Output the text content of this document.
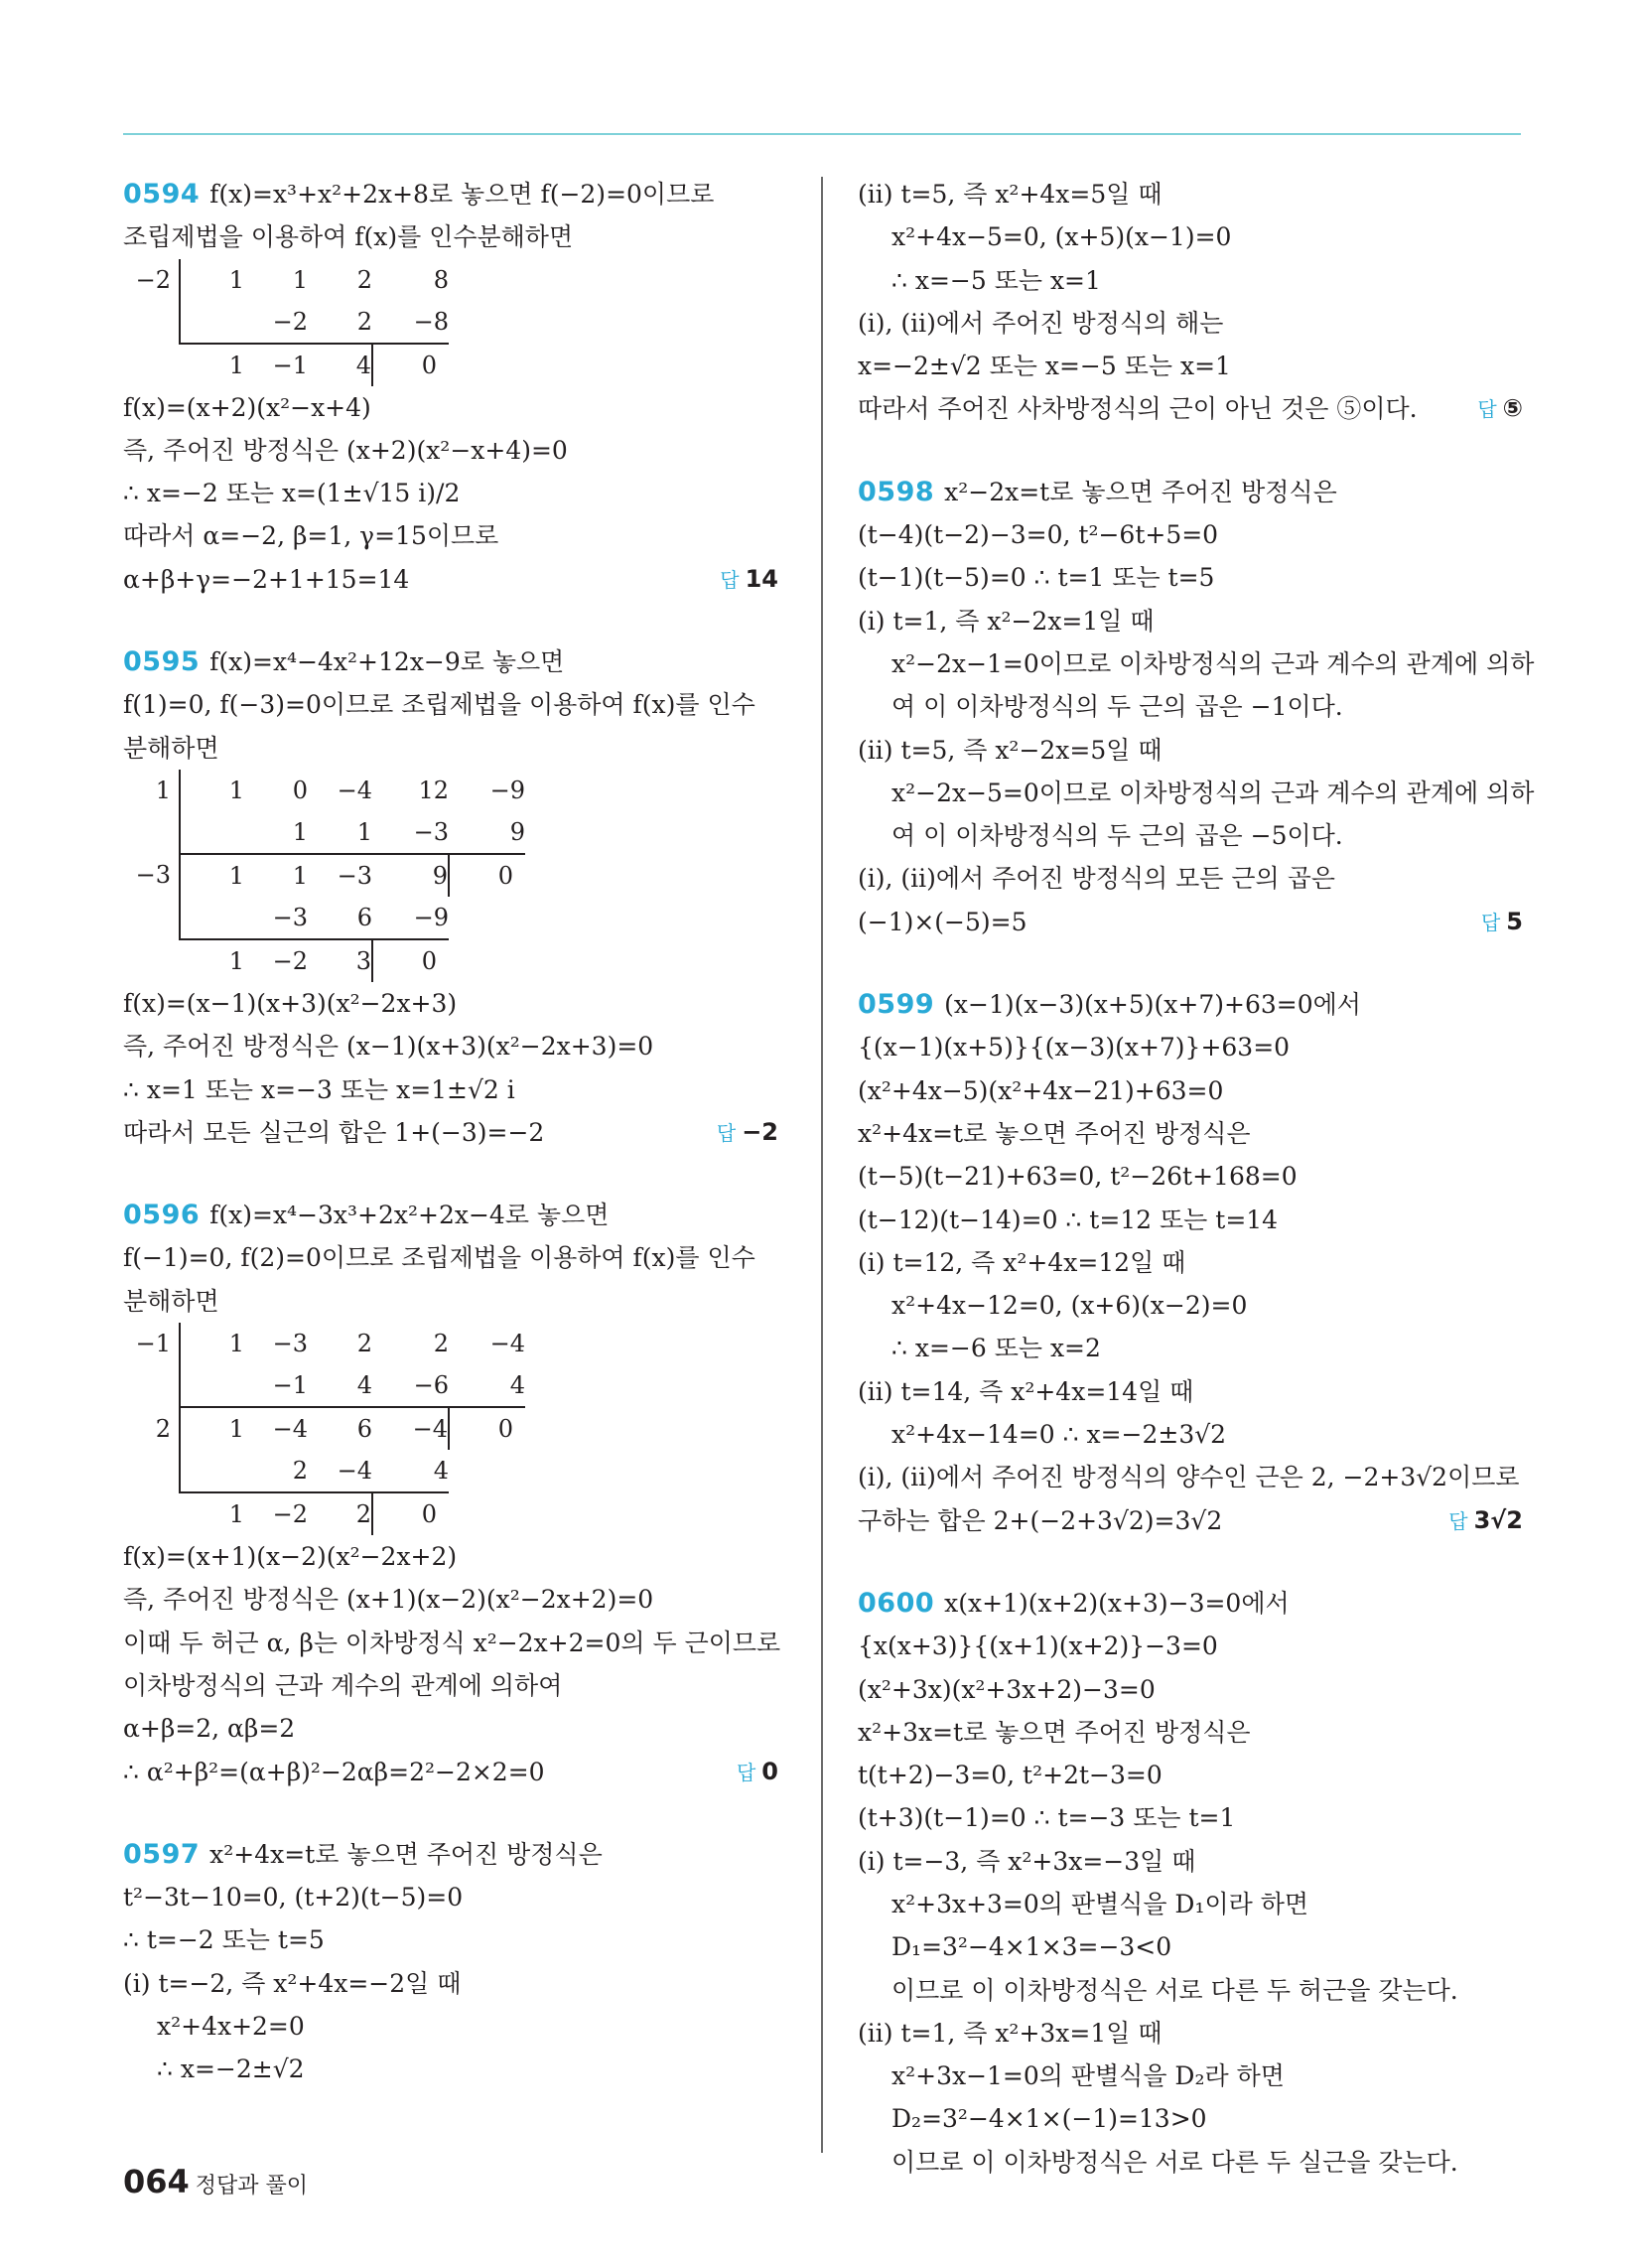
0594 f(x)=x³+x²+2x+8로 놓으면 f(−2)=0이므로
조립제법을 이용하여 f(x)를 인수분해하면
−2	1	1	2	8
		−2	2	−8
	1	−1	4	0
f(x)=(x+2)(x²−x+4)
즉, 주어진 방정식은 (x+2)(x²−x+4)=0
∴ x=−2 또는 x=(1±√15 i)/2
따라서 α=−2, β=1, γ=15이므로
α+β+γ=−2+1+15=14	답 14
0595 f(x)=x⁴−4x²+12x−9로 놓으면
f(1)=0, f(−3)=0이므로 조립제법을 이용하여 f(x)를 인수
분해하면
1	1	0	−4	12	−9
		1	1	−3	9
−3	1	1	−3	9	0
		−3	6	−9	
	1	−2	3	0	
f(x)=(x−1)(x+3)(x²−2x+3)
즉, 주어진 방정식은 (x−1)(x+3)(x²−2x+3)=0
∴ x=1 또는 x=−3 또는 x=1±√2 i
따라서 모든 실근의 합은 1+(−3)=−2	답 −2
0596 f(x)=x⁴−3x³+2x²+2x−4로 놓으면
f(−1)=0, f(2)=0이므로 조립제법을 이용하여 f(x)를 인수
분해하면
−1	1	−3	2	2	−4
		−1	4	−6	4
2	1	−4	6	−4	0
		2	−4	4	
	1	−2	2	0	
f(x)=(x+1)(x−2)(x²−2x+2)
즉, 주어진 방정식은 (x+1)(x−2)(x²−2x+2)=0
이때 두 허근 α, β는 이차방정식 x²−2x+2=0의 두 근이므로
이차방정식의 근과 계수의 관계에 의하여
α+β=2, αβ=2
∴ α²+β²=(α+β)²−2αβ=2²−2×2=0	답 0
0597 x²+4x=t로 놓으면 주어진 방정식은
t²−3t−10=0, (t+2)(t−5)=0
∴ t=−2 또는 t=5
(ⅰ) t=−2, 즉 x²+4x=−2일 때
x²+4x+2=0
∴ x=−2±√2
(ⅱ) t=5, 즉 x²+4x=5일 때
x²+4x−5=0, (x+5)(x−1)=0
∴ x=−5 또는 x=1
(ⅰ), (ⅱ)에서 주어진 방정식의 해는
x=−2±√2 또는 x=−5 또는 x=1
따라서 주어진 사차방정식의 근이 아닌 것은 ⑤이다.	답 ⑤
0598 x²−2x=t로 놓으면 주어진 방정식은
(t−4)(t−2)−3=0, t²−6t+5=0
(t−1)(t−5)=0 ∴ t=1 또는 t=5
(ⅰ) t=1, 즉 x²−2x=1일 때
x²−2x−1=0이므로 이차방정식의 근과 계수의 관계에 의하
여 이 이차방정식의 두 근의 곱은 −1이다.
(ⅱ) t=5, 즉 x²−2x=5일 때
x²−2x−5=0이므로 이차방정식의 근과 계수의 관계에 의하
여 이 이차방정식의 두 근의 곱은 −5이다.
(ⅰ), (ⅱ)에서 주어진 방정식의 모든 근의 곱은
(−1)×(−5)=5	답 5
0599 (x−1)(x−3)(x+5)(x+7)+63=0에서
{(x−1)(x+5)}{(x−3)(x+7)}+63=0
(x²+4x−5)(x²+4x−21)+63=0
x²+4x=t로 놓으면 주어진 방정식은
(t−5)(t−21)+63=0, t²−26t+168=0
(t−12)(t−14)=0 ∴ t=12 또는 t=14
(ⅰ) t=12, 즉 x²+4x=12일 때
x²+4x−12=0, (x+6)(x−2)=0
∴ x=−6 또는 x=2
(ⅱ) t=14, 즉 x²+4x=14일 때
x²+4x−14=0 ∴ x=−2±3√2
(ⅰ), (ⅱ)에서 주어진 방정식의 양수인 근은 2, −2+3√2이므로
구하는 합은 2+(−2+3√2)=3√2	답 3√2
0600 x(x+1)(x+2)(x+3)−3=0에서
{x(x+3)}{(x+1)(x+2)}−3=0
(x²+3x)(x²+3x+2)−3=0
x²+3x=t로 놓으면 주어진 방정식은
t(t+2)−3=0, t²+2t−3=0
(t+3)(t−1)=0 ∴ t=−3 또는 t=1
(ⅰ) t=−3, 즉 x²+3x=−3일 때
x²+3x+3=0의 판별식을 D₁이라 하면
D₁=3²−4×1×3=−3<0
이므로 이 이차방정식은 서로 다른 두 허근을 갖는다.
(ⅱ) t=1, 즉 x²+3x=1일 때
x²+3x−1=0의 판별식을 D₂라 하면
D₂=3²−4×1×(−1)=13>0
이므로 이 이차방정식은 서로 다른 두 실근을 갖는다.
064 정답과 풀이
